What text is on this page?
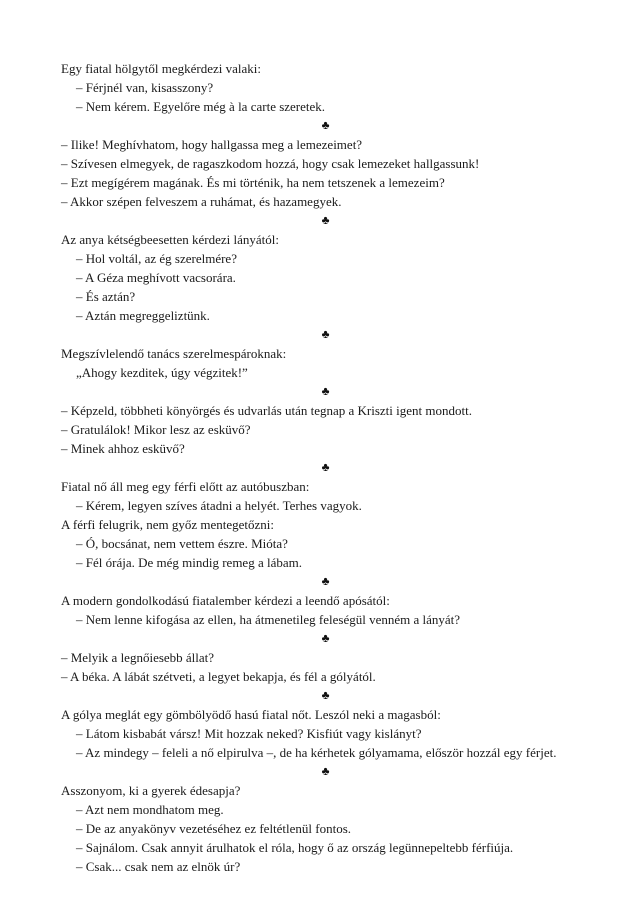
Egy fiatal hölgytől megkérdezi valaki:
– Férjnél van, kisasszony?
– Nem kérem. Egyelőre még à la carte szeretek.
♣
– Ilike! Meghívhatom, hogy hallgassa meg a lemezeimet?
– Szívesen elmegyek, de ragaszkodom hozzá, hogy csak lemezeket hallgassunk!
– Ezt megígérem magának. És mi történik, ha nem tetszenek a lemezeim?
– Akkor szépen felveszem a ruhámat, és hazamegyek.
♣
Az anya kétségbeesetten kérdezi lányától:
– Hol voltál, az ég szerelmére?
– A Géza meghívott vacsorára.
– És aztán?
– Aztán megreggeliztünk.
♣
Megszívlelendő tanács szerelmespároknak:
„Ahogy kezditek, úgy végzitek!”
♣
– Képzeld, többheti könyörgés és udvarlás után tegnap a Kriszti igent mondott.
– Gratulálok! Mikor lesz az esküvő?
– Minek ahhoz esküvő?
♣
Fiatal nő áll meg egy férfi előtt az autóbuszban:
– Kérem, legyen szíves átadni a helyét. Terhes vagyok.
A férfi felugrik, nem győz mentegetőzni:
– Ó, bocsánat, nem vettem észre. Mióta?
– Fél órája. De még mindig remeg a lábam.
♣
A modern gondolkodású fiatalember kérdezi a leendő apósától:
– Nem lenne kifogása az ellen, ha átmenetileg feleségül venném a lányát?
♣
– Melyik a legnőiesebb állat?
– A béka. A lábát szétveti, a legyet bekapja, és fél a gólyától.
♣
A gólya meglát egy gömbölyödő hasú fiatal nőt. Leszól neki a magasból:
– Látom kisbabát vársz! Mit hozzak neked? Kisfiút vagy kislányt?
– Az mindegy – feleli a nő elpirulva –, de ha kérhetek gólyamama, először hozzál egy férjet.
♣
Asszonyom, ki a gyerek édesapja?
– Azt nem mondhatom meg.
– De az anyakönyv vezetéséhez ez feltétlenül fontos.
– Sajnálom. Csak annyit árulhatok el róla, hogy ő az ország legünnepeltebb férfiúja.
– Csak... csak nem az elnök úr?
